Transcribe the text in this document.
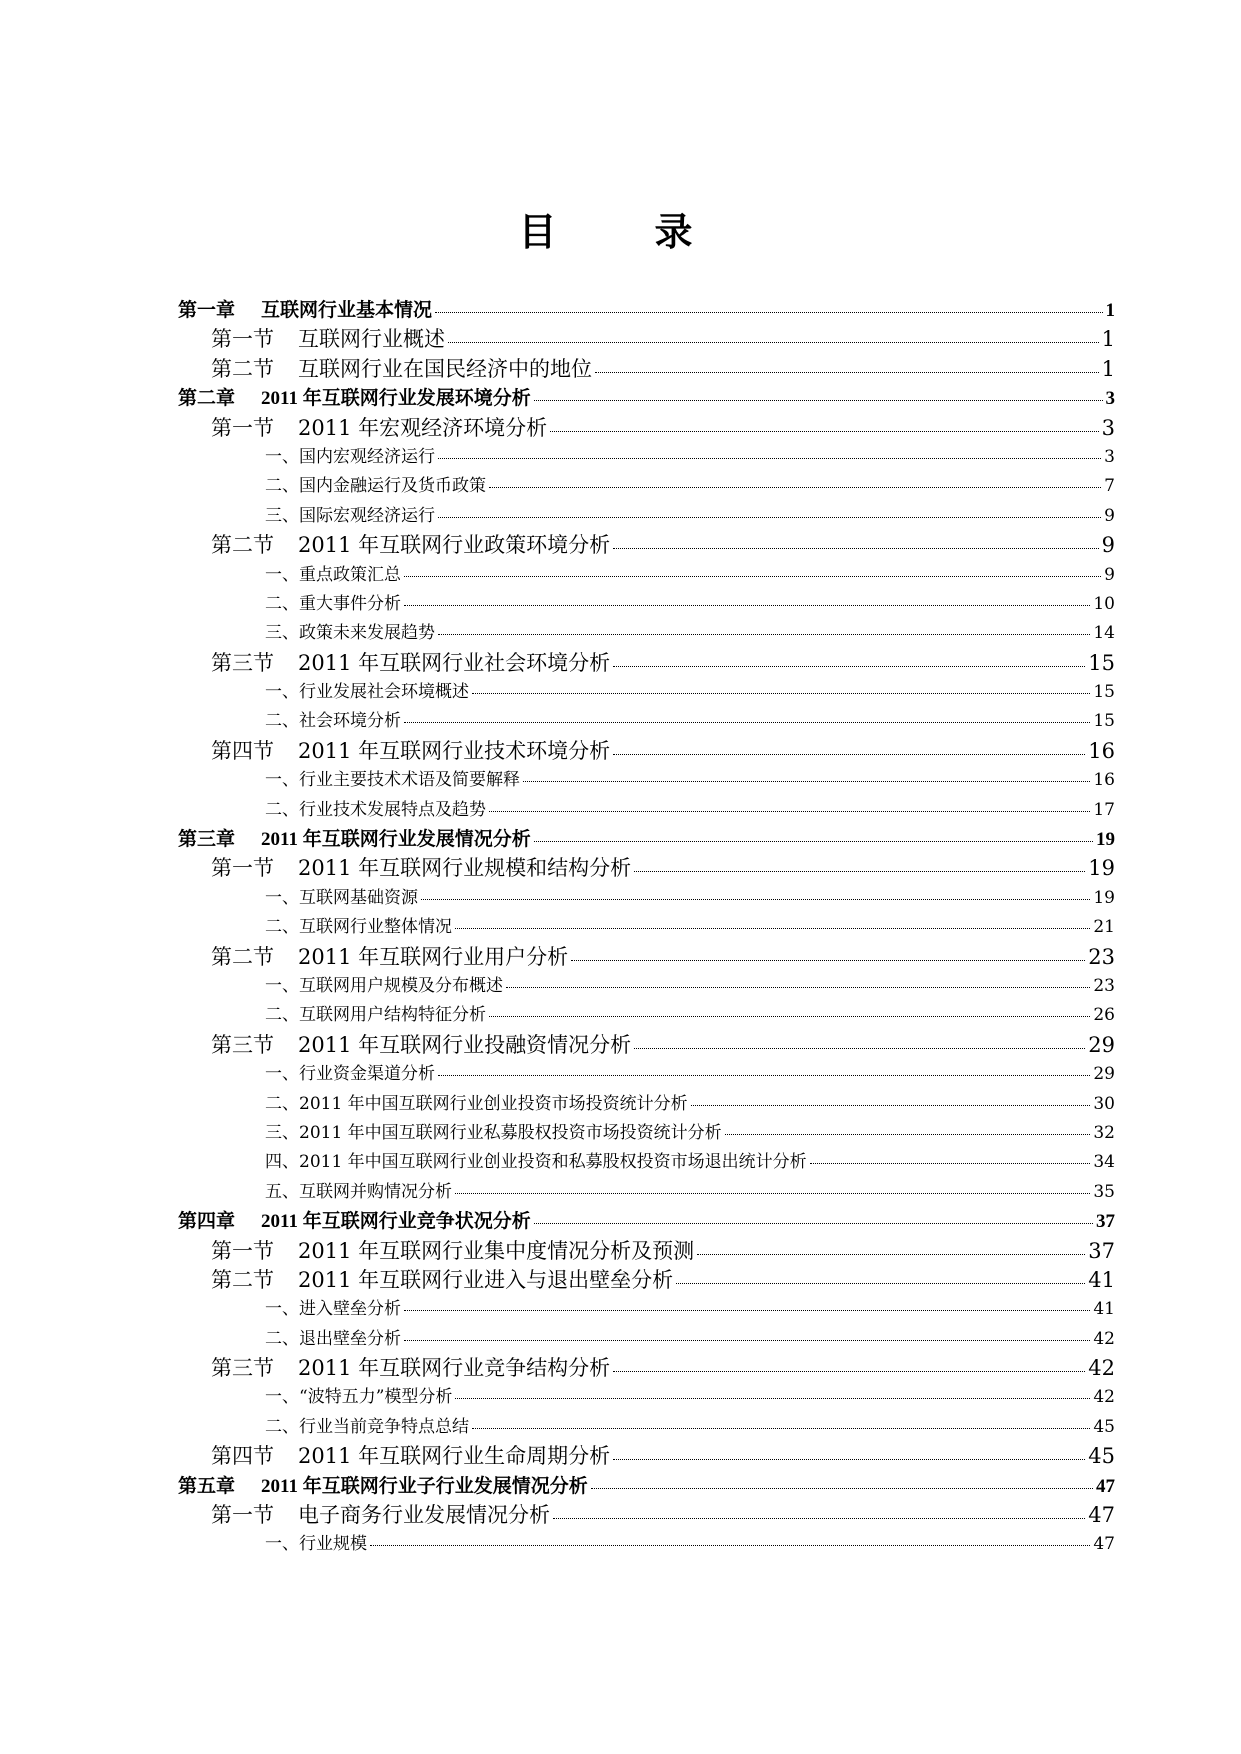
目　录
第一章 互联网行业基本情况	1
第一节 互联网行业概述	1
第二节 互联网行业在国民经济中的地位	1
第二章 2011 年互联网行业发展环境分析	3
第一节 2011 年宏观经济环境分析	3
一、 国内宏观经济运行	3
二、 国内金融运行及货币政策	7
三、 国际宏观经济运行	9
第二节 2011 年互联网行业政策环境分析	9
一、 重点政策汇总	9
二、 重大事件分析	10
三、 政策未来发展趋势	14
第三节 2011 年互联网行业社会环境分析	15
一、 行业发展社会环境概述	15
二、 社会环境分析	15
第四节 2011 年互联网行业技术环境分析	16
一、 行业主要技术术语及简要解释	16
二、 行业技术发展特点及趋势	17
第三章 2011 年互联网行业发展情况分析	19
第一节 2011 年互联网行业规模和结构分析	19
一、 互联网基础资源	19
二、 互联网行业整体情况	21
第二节 2011 年互联网行业用户分析	23
一、 互联网用户规模及分布概述	23
二、 互联网用户结构特征分析	26
第三节 2011 年互联网行业投融资情况分析	29
一、 行业资金渠道分析	29
二、 2011 年中国互联网行业创业投资市场投资统计分析	30
三、 2011 年中国互联网行业私募股权投资市场投资统计分析	32
四、 2011 年中国互联网行业创业投资和私募股权投资市场退出统计分析	34
五、 互联网并购情况分析	35
第四章 2011 年互联网行业竞争状况分析	37
第一节 2011 年互联网行业集中度情况分析及预测	37
第二节 2011 年互联网行业进入与退出壁垒分析	41
一、 进入壁垒分析	41
二、 退出壁垒分析	42
第三节 2011 年互联网行业竞争结构分析	42
一、 “波特五力”模型分析	42
二、 行业当前竞争特点总结	45
第四节 2011 年互联网行业生命周期分析	45
第五章 2011 年互联网行业子行业发展情况分析	47
第一节 电子商务行业发展情况分析	47
一、 行业规模	47
